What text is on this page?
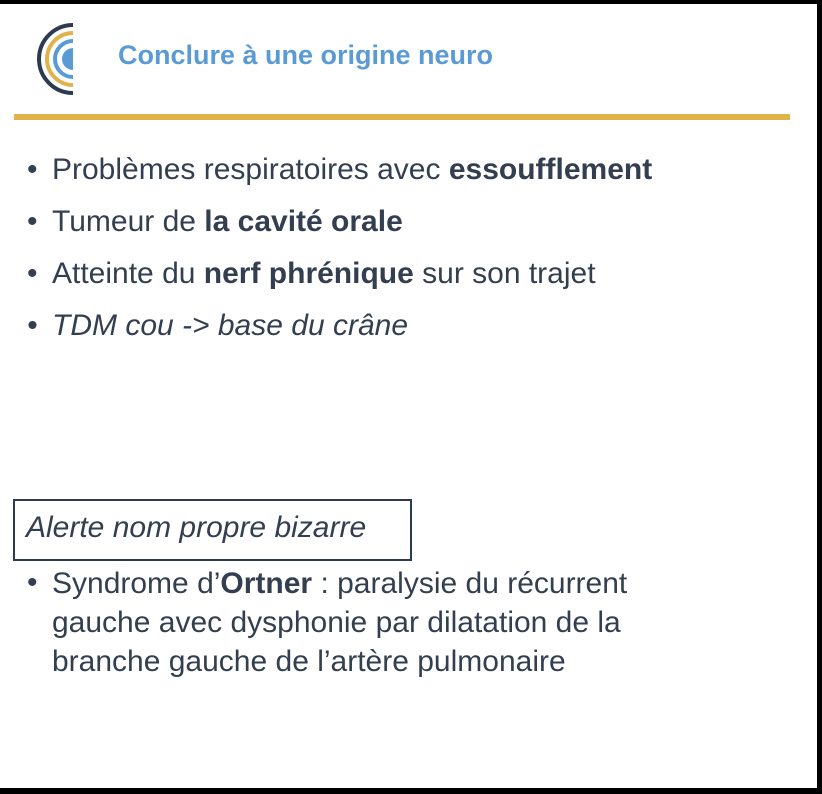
Conclure à une origine neuro
• Problèmes respiratoires avec essoufflement
• Tumeur de la cavité orale
• Atteinte du nerf phrénique sur son trajet
• TDM cou -> base du crâne
Alerte nom propre bizarre
• Syndrome d’Ortner : paralysie du récurrent
gauche avec dysphonie par dilatation de la
branche gauche de l’artère pulmonaire
